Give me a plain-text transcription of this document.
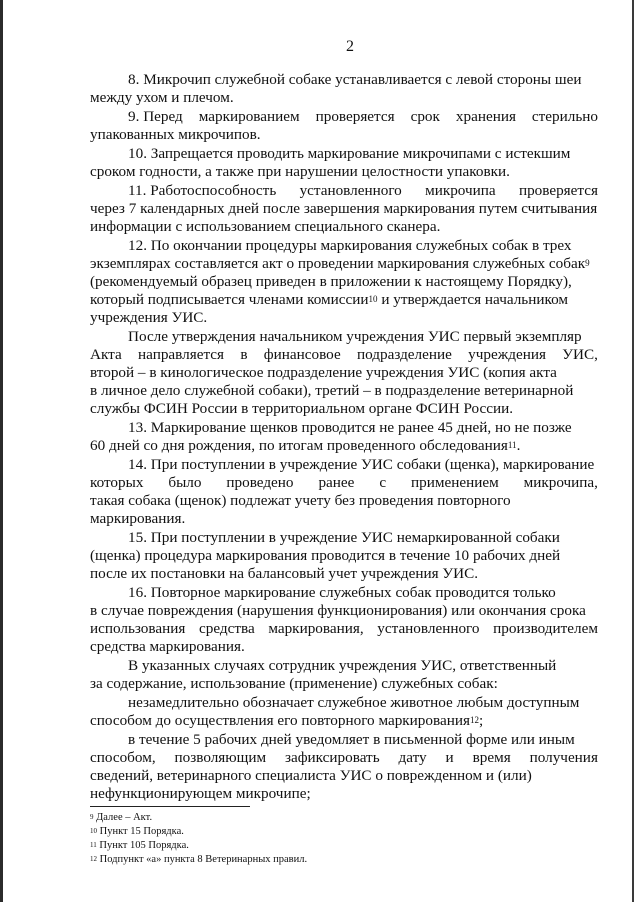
2
8. Микрочип служебной собаке устанавливается с левой стороны шеи
между ухом и плечом.
9. Перед маркированием проверяется срок хранения стерильно
упакованных микрочипов.
10. Запрещается проводить маркирование микрочипами с истекшим
сроком годности, а также при нарушении целостности упаковки.
11. Работоспособность установленного микрочипа проверяется
через 7 календарных дней после завершения маркирования путем считывания
информации с использованием специального сканера.
12. По окончании процедуры маркирования служебных собак в трех
экземплярах составляется акт о проведении маркирования служебных собак$^9$
(рекомендуемый образец приведен в приложении к настоящему Порядку),
который подписывается членами комиссии$^{10}$ и утверждается начальником
учреждения УИС.
После утверждения начальником учреждения УИС первый экземпляр
Акта направляется в финансовое подразделение учреждения УИС,
второй – в кинологическое подразделение учреждения УИС (копия акта
в личное дело служебной собаки), третий – в подразделение ветеринарной
службы ФСИН России в территориальном органе ФСИН России.
13. Маркирование щенков проводится не ранее 45 дней, но не позже
60 дней со дня рождения, по итогам проведенного обследования$^{11}$.
14. При поступлении в учреждение УИС собаки (щенка), маркирование
которых было проведено ранее с применением микрочипа,
такая собака (щенок) подлежат учету без проведения повторного
маркирования.
15. При поступлении в учреждение УИС немаркированной собаки
(щенка) процедура маркирования проводится в течение 10 рабочих дней
после их постановки на балансовый учет учреждения УИС.
16. Повторное маркирование служебных собак проводится только
в случае повреждения (нарушения функционирования) или окончания срока
использования средства маркирования, установленного производителем
средства маркирования.
В указанных случаях сотрудник учреждения УИС, ответственный
за содержание, использование (применение) служебных собак:
незамедлительно обозначает служебное животное любым доступным
способом до осуществления его повторного маркирования$^{12}$;
в течение 5 рабочих дней уведомляет в письменной форме или иным
способом, позволяющим зафиксировать дату и время получения
сведений, ветеринарного специалиста УИС о поврежденном и (или)
нефункционирующем микрочипе;
$^9$ Далее – Акт.
$^{10}$ Пункт 15 Порядка.
$^{11}$ Пункт 105 Порядка.
$^{12}$ Подпункт «а» пункта 8 Ветеринарных правил.
